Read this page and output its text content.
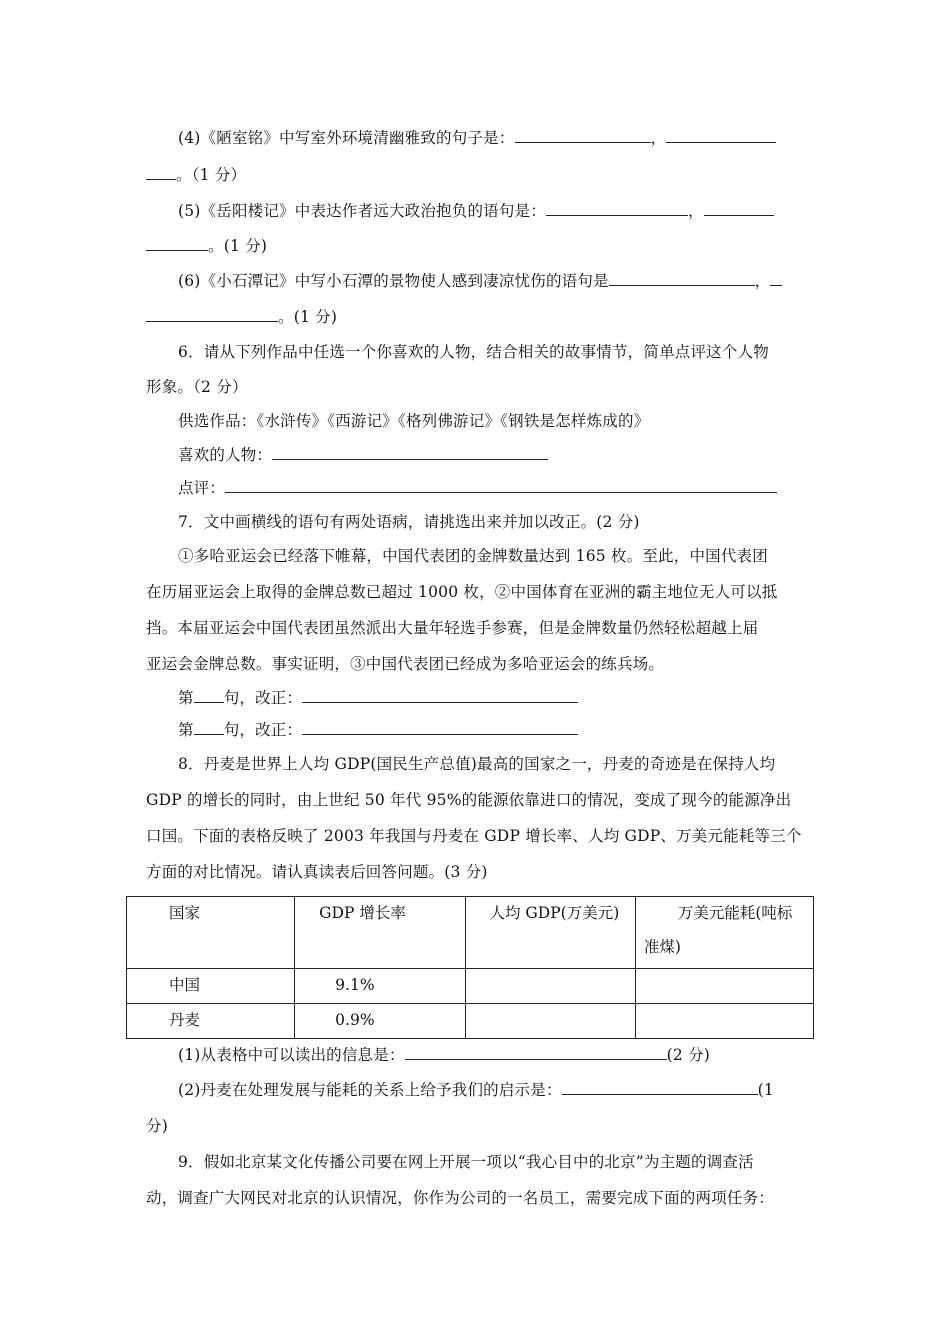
(4)《陋室铭》中写室外环境清幽雅致的句子是：	，
。（1 分）
(5)《岳阳楼记》中表达作者远大政治抱负的语句是：	，
。(1 分)
(6)《小石潭记》中写小石潭的景物使人感到凄凉忧伤的语句是	，
。(1 分)
6．请从下列作品中任选一个你喜欢的人物，结合相关的故事情节，简单点评这个人物
形象。（2 分）
供选作品：《水浒传》《西游记》《格列佛游记》《钢铁是怎样炼成的》
喜欢的人物：
点评：
7．文中画横线的语句有两处语病，请挑选出来并加以改正。(2 分)
①多哈亚运会已经落下帷幕，中国代表团的金牌数量达到 165 枚。至此，中国代表团
在历届亚运会上取得的金牌总数已超过 1000 枚，②中国体育在亚洲的霸主地位无人可以抵
挡。本届亚运会中国代表团虽然派出大量年轻选手参赛，但是金牌数量仍然轻松超越上届
亚运会金牌总数。事实证明，③中国代表团已经成为多哈亚运会的练兵场。
第 句，改正：
第 句，改正：
8．丹麦是世界上人均 GDP(国民生产总值)最高的国家之一，丹麦的奇迹是在保持人均
GDP 的增长的同时，由上世纪 50 年代 95%的能源依靠进口的情况，变成了现今的能源净出
口国。下面的表格反映了 2003 年我国与丹麦在 GDP 增长率、人均 GDP、万美元能耗等三个
方面的对比情况。请认真读表后回答问题。(3 分)
国家	GDP 增长率	人均 GDP(万美元)	万美元能耗(吨标
准煤)

中国	9.1%		

丹麦	0.9%		

(1)从表格中可以读出的信息是：	(2 分)
(2)丹麦在处理发展与能耗的关系上给予我们的启示是：	(1
分)
9．假如北京某文化传播公司要在网上开展一项以“我心目中的北京”为主题的调查活
动，调查广大网民对北京的认识情况，你作为公司的一名员工，需要完成下面的两项任务：
